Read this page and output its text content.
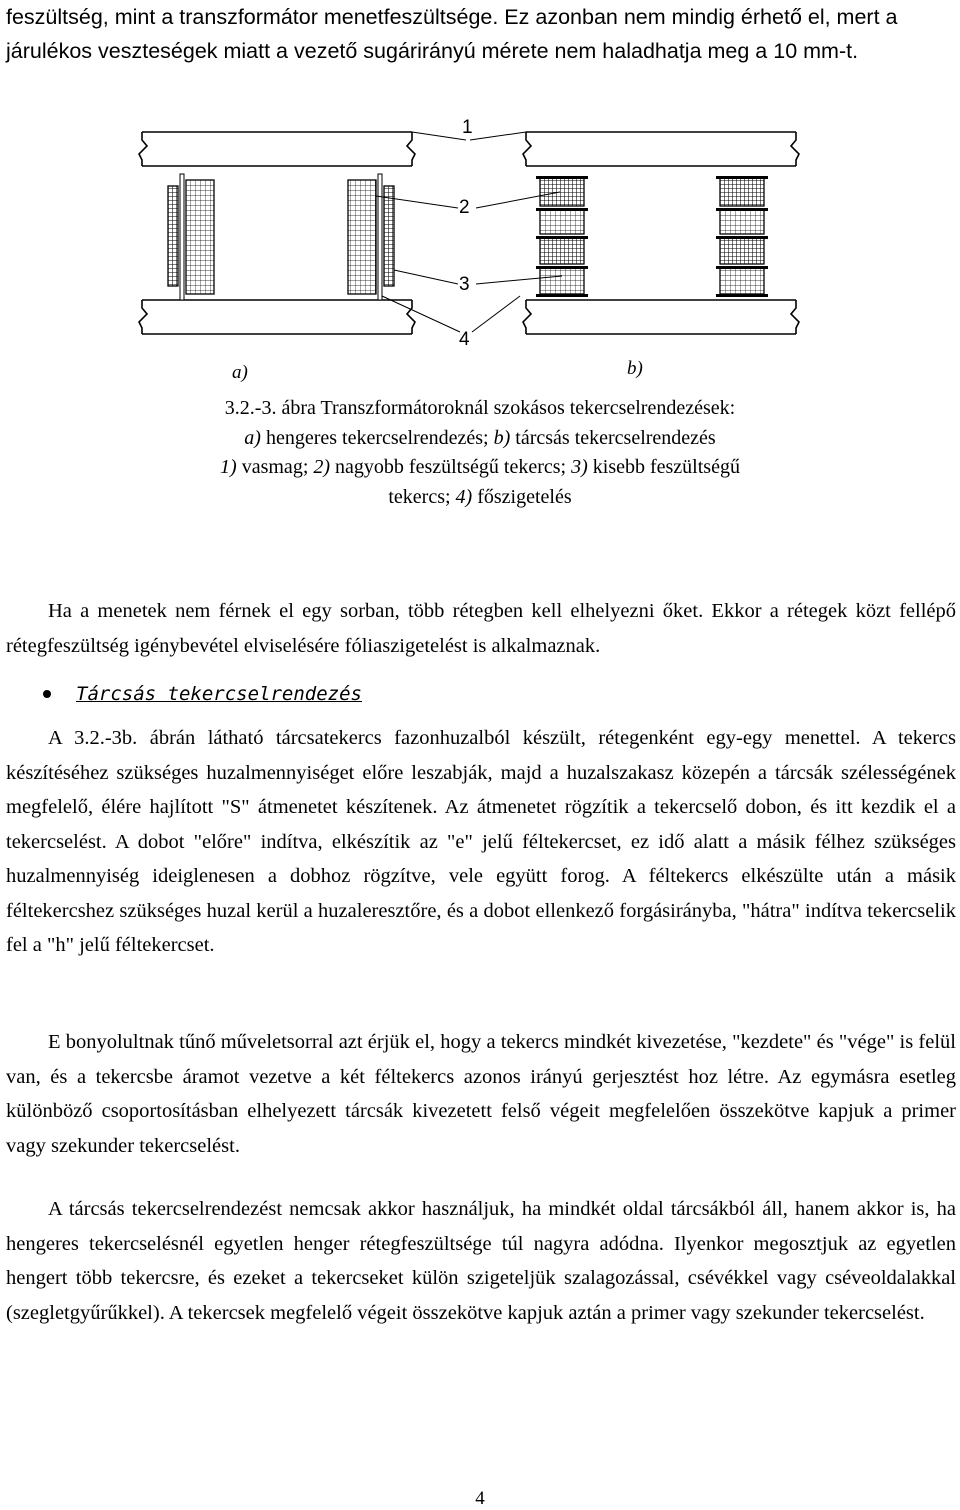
feszültség, mint a transzformátor menetfeszültsége. Ez azonban nem mindig érhető el, mert a
járulékos veszteségek miatt a vezető sugárirányú mérete nem haladhatja meg a 10 mm-t.
1
2
3
4
a)	b)
3.2.-3. ábra Transzformátoroknál szokásos tekercselrendezések:
a) hengeres tekercselrendezés; b) tárcsás tekercselrendezés
1) vasmag; 2) nagyobb feszültségű tekercs; 3) kisebb feszültségű
tekercs; 4) főszigetelés
Ha a menetek nem férnek el egy sorban, több rétegben kell elhelyezni őket. Ekkor a rétegek közt fellépő rétegfeszültség igénybevétel elviselésére fóliaszigetelést is alkalmaznak.
Tárcsás tekercselrendezés
A 3.2.-3b. ábrán látható tárcsatekercs fazonhuzalból készült, rétegenként egy-egy menettel. A tekercs készítéséhez szükséges huzalmennyiséget előre leszabják, majd a huzalszakasz közepén a tárcsák szélességének megfelelő, élére hajlított "S" átmenetet készítenek. Az átmenetet rögzítik a tekercselő dobon, és itt kezdik el a tekercselést. A dobot "előre" indítva, elkészítik az "e" jelű féltekercset, ez idő alatt a másik félhez szükséges huzalmennyiség ideiglenesen a dobhoz rögzítve, vele együtt forog. A féltekercs elkészülte után a másik féltekercshez szükséges huzal kerül a huzaleresztőre, és a dobot ellenkező forgásirányba, "hátra" indítva tekercselik fel a "h" jelű féltekercset.
E bonyolultnak tűnő műveletsorral azt érjük el, hogy a tekercs mindkét kivezetése, "kezdete" és "vége" is felül van, és a tekercsbe áramot vezetve a két féltekercs azonos irányú gerjesztést hoz létre. Az egymásra esetleg különböző csoportosításban elhelyezett tárcsák kivezetett felső végeit megfelelően összekötve kapjuk a primer vagy szekunder tekercselést.
A tárcsás tekercselrendezést nemcsak akkor használjuk, ha mindkét oldal tárcsákból áll, hanem akkor is, ha hengeres tekercselésnél egyetlen henger rétegfeszültsége túl nagyra adódna. Ilyenkor megosztjuk az egyetlen hengert több tekercsre, és ezeket a tekercseket külön szigeteljük szalagozással, csévékkel vagy cséveoldalakkal (szegletgyűrűkkel). A tekercsek megfelelő végeit összekötve kapjuk aztán a primer vagy szekunder tekercselést.
4
